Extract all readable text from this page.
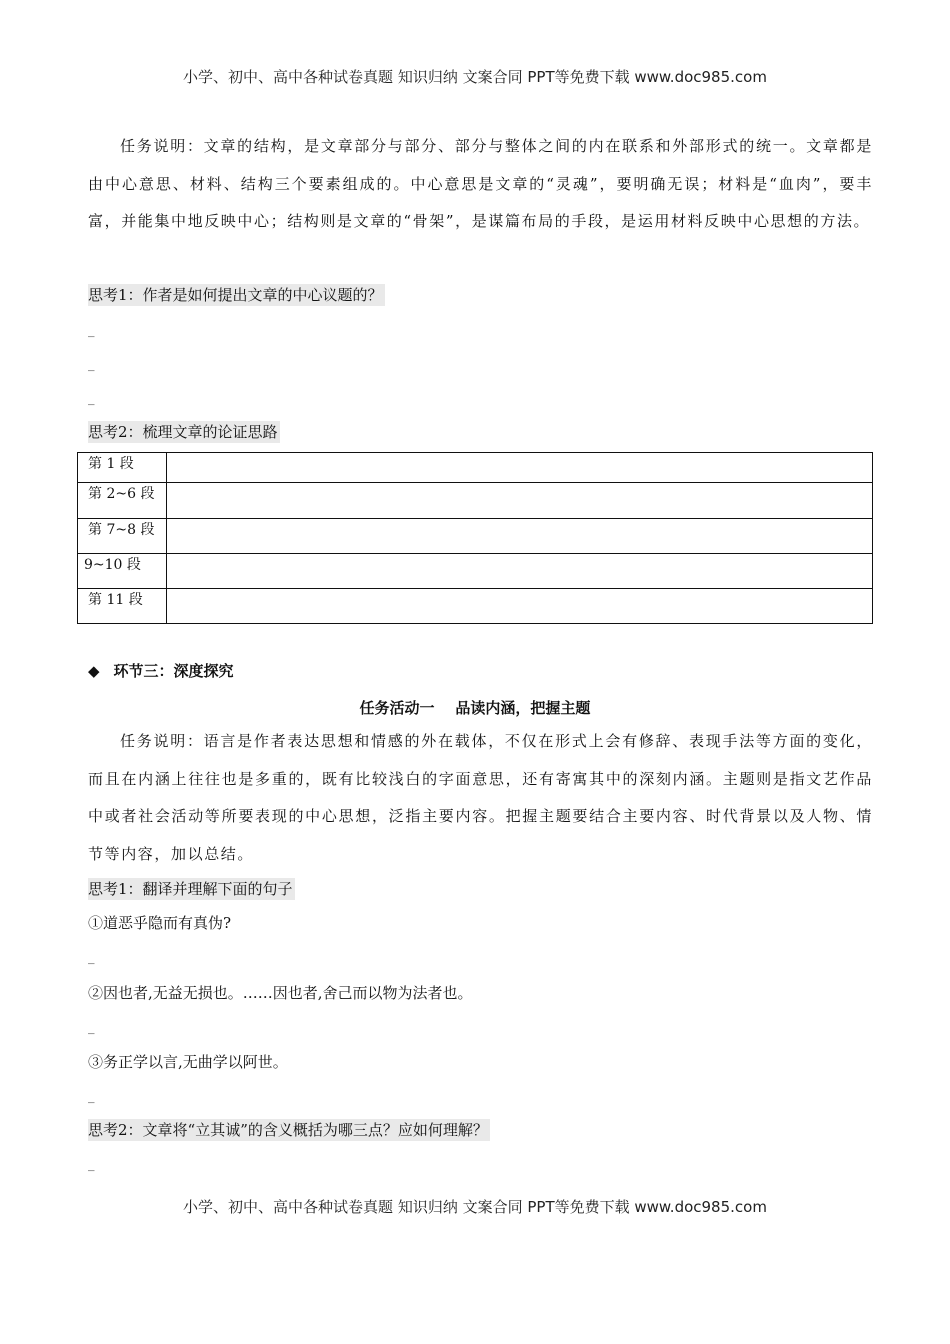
小学、初中、高中各种试卷真题 知识归纳 文案合同 PPT等免费下载 www.doc985.com
任务说明：文章的结构，是文章部分与部分、部分与整体之间的内在联系和外部形式的统一。文章都是由中心意思、材料、结构三个要素组成的。中心意思是文章的“灵魂”，要明确无误；材料是“血肉”，要丰富，并能集中地反映中心；结构则是文章的“骨架”，是谋篇布局的手段，是运用材料反映中心思想的方法。
思考1：作者是如何提出文章的中心议题的？
_
_
_
思考2：梳理文章的论证思路
第 1 段	
第 2~6 段	
第 7~8 段	
9~10 段	
第 11 段	
◆ 环节三：深度探究
任务活动一    品读内涵，把握主题
任务说明：语言是作者表达思想和情感的外在载体，不仅在形式上会有修辞、表现手法等方面的变化，而且在内涵上往往也是多重的，既有比较浅白的字面意思，还有寄寓其中的深刻内涵。主题则是指文艺作品中或者社会活动等所要表现的中心思想，泛指主要内容。把握主题要结合主要内容、时代背景以及人物、情节等内容，加以总结。
思考1：翻译并理解下面的句子
①道恶乎隐而有真伪?
_
②因也者,无益无损也。……因也者,舍己而以物为法者也。
_
③务正学以言,无曲学以阿世。
_
思考2：文章将“立其诚”的含义概括为哪三点？应如何理解？
_
小学、初中、高中各种试卷真题 知识归纳 文案合同 PPT等免费下载 www.doc985.com
